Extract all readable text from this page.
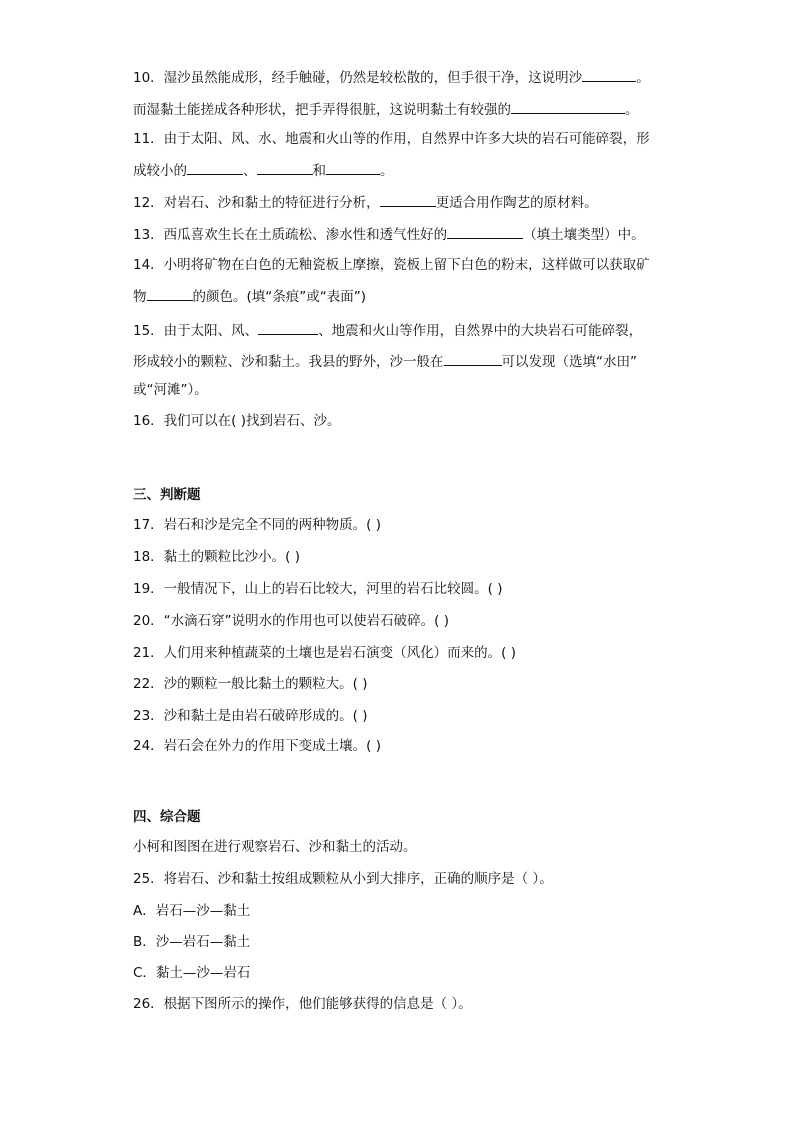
10．湿沙虽然能成形，经手触碰，仍然是较松散的，但手很干净，这说明沙	。
而湿黏土能搓成各种形状，把手弄得很脏，这说明黏土有较强的	。
11．由于太阳、风、水、地震和火山等的作用，自然界中许多大块的岩石可能碎裂，形
成较小的	、	和	。
12．对岩石、沙和黏土的特征进行分析，	更适合用作陶艺的原材料。
13．西瓜喜欢生长在土质疏松、渗水性和透气性好的	（填土壤类型）中。
14．小明将矿物在白色的无釉瓷板上摩擦，瓷板上留下白色的粉末，这样做可以获取矿
物	的颜色。(填“条痕”或“表面”)
15．由于太阳、风、	、地震和火山等作用，自然界中的大块岩石可能碎裂，
形成较小的颗粒、沙和黏土。我县的野外，沙一般在	可以发现（选填“水田”
或“河滩”）。
16．我们可以在( )找到岩石、沙。
三、判断题
17．岩石和沙是完全不同的两种物质。( )
18．黏土的颗粒比沙小。( )
19．一般情况下，山上的岩石比较大，河里的岩石比较圆。( )
20．“水滴石穿”说明水的作用也可以使岩石破碎。( )
21．人们用来种植蔬菜的土壤也是岩石演变（风化）而来的。( )
22．沙的颗粒一般比黏土的颗粒大。( )
23．沙和黏土是由岩石破碎形成的。( )
24．岩石会在外力的作用下变成土壤。( )
四、综合题
小柯和图图在进行观察岩石、沙和黏土的活动。
25．将岩石、沙和黏土按组成颗粒从小到大排序，正确的顺序是（ ）。
A．岩石—沙—黏土
B．沙—岩石—黏土
C．黏土—沙—岩石
26．根据下图所示的操作，他们能够获得的信息是（ ）。
